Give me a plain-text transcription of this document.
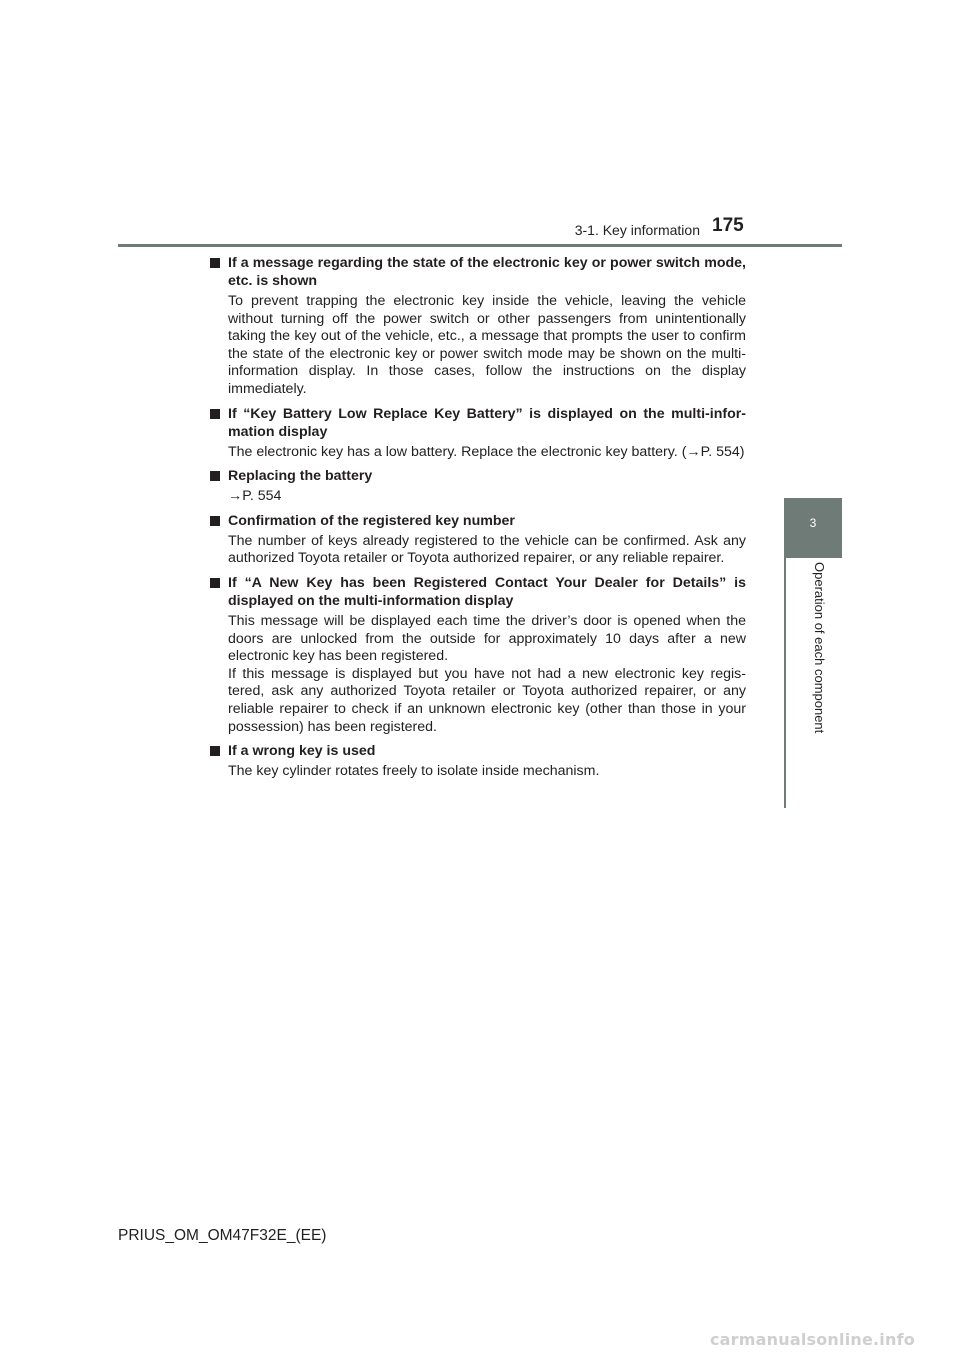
3-1. Key information 175
3
Operation of each component
If a message regarding the state of the electronic key or power switch mode, etc. is shown

To prevent trapping the electronic key inside the vehicle, leaving the vehicle without turning off the power switch or other passengers from unintentionally taking the key out of the vehicle, etc., a message that prompts the user to confirm the state of the electronic key or power switch mode may be shown on the multi-information display. In those cases, follow the instructions on the display immediately.

If “Key Battery Low Replace Key Battery” is displayed on the multi-infor-mation display

The electronic key has a low battery. Replace the electronic key battery. (→P. 554)

Replacing the battery

→P. 554

Confirmation of the registered key number

The number of keys already registered to the vehicle can be confirmed. Ask any authorized Toyota retailer or Toyota authorized repairer, or any reliable repairer.

If “A New Key has been Registered Contact Your Dealer for Details” is displayed on the multi-information display

This message will be displayed each time the driver’s door is opened when the doors are unlocked from the outside for approximately 10 days after a new electronic key has been registered.

If this message is displayed but you have not had a new electronic key regis-tered, ask any authorized Toyota retailer or Toyota authorized repairer, or any reliable repairer to check if an unknown electronic key (other than those in your possession) has been registered.

If a wrong key is used

The key cylinder rotates freely to isolate inside mechanism.

PRIUS_OM_OM47F32E_(EE)
carmanualsonline.info
